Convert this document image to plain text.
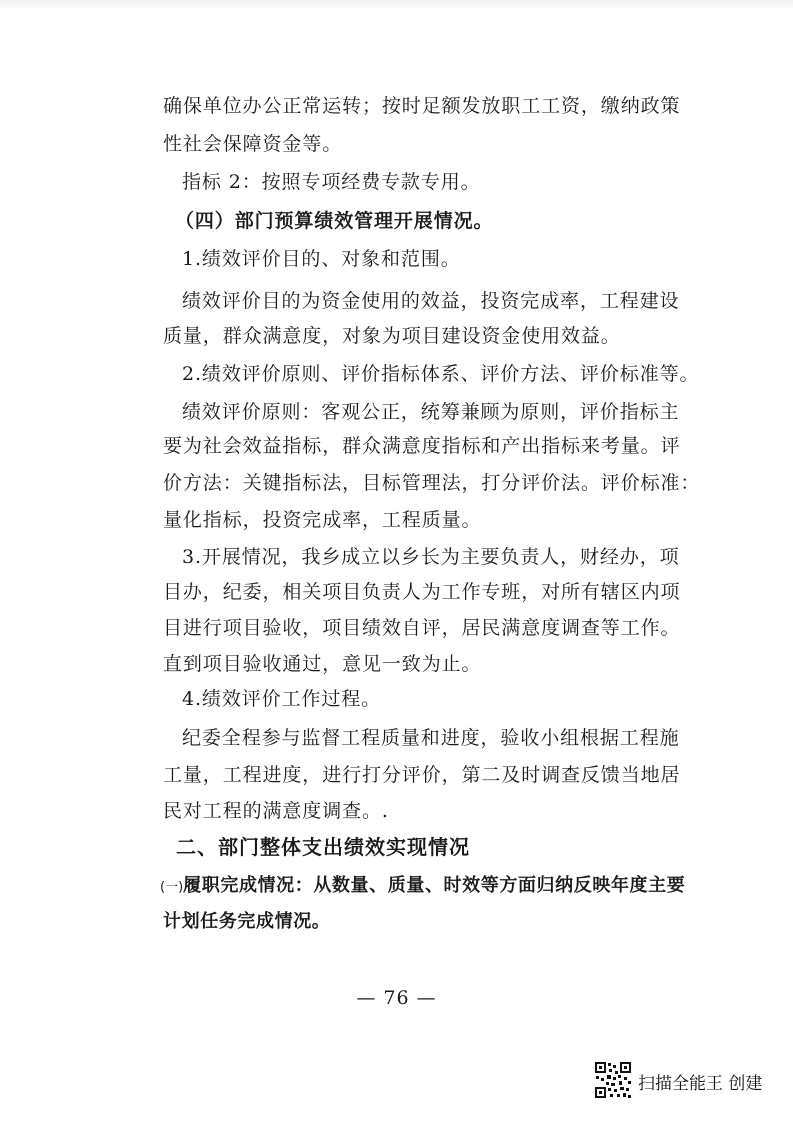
确保单位办公正常运转；按时足额发放职工工资，缴纳政策
性社会保障资金等。
指标 2：按照专项经费专款专用。
（四）部门预算绩效管理开展情况。
1.绩效评价目的、对象和范围。
绩效评价目的为资金使用的效益，投资完成率，工程建设
质量，群众满意度，对象为项目建设资金使用效益。
2.绩效评价原则、评价指标体系、评价方法、评价标准等。
绩效评价原则：客观公正，统筹兼顾为原则，评价指标主
要为社会效益指标，群众满意度指标和产出指标来考量。评
价方法：关键指标法，目标管理法，打分评价法。评价标准：
量化指标，投资完成率，工程质量。
3.开展情况，我乡成立以乡长为主要负责人，财经办，项
目办，纪委，相关项目负责人为工作专班，对所有辖区内项
目进行项目验收，项目绩效自评，居民满意度调查等工作。
直到项目验收通过，意见一致为止。
4.绩效评价工作过程。
纪委全程参与监督工程质量和进度，验收小组根据工程施
工量，工程进度，进行打分评价，第二及时调查反馈当地居
民对工程的满意度调查。.
二、部门整体支出绩效实现情况
(一)履职完成情况：从数量、质量、时效等方面归纳反映年度主要
计划任务完成情况。
— 76 —
扫描全能王 创建
